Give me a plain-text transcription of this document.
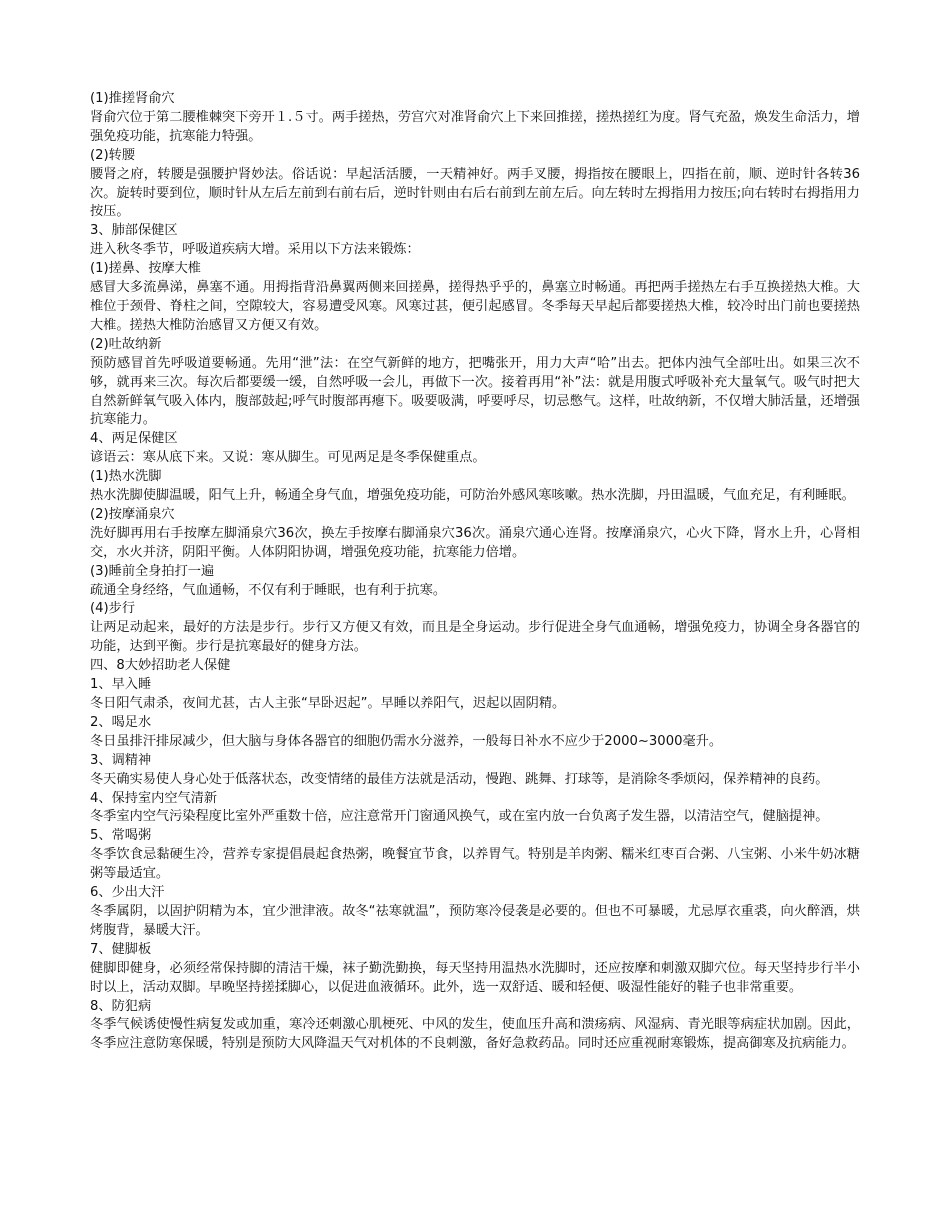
(1)推搓肾俞穴

肾俞穴位于第二腰椎棘突下旁开１.５寸。两手搓热，劳宫穴对准肾俞穴上下来回推搓，搓热搓红为度。肾气充盈，焕发生命活力，增强免疫功能，抗寒能力特强。

(2)转腰

腰肾之府，转腰是强腰护肾妙法。俗话说：早起活活腰，一天精神好。两手叉腰，拇指按在腰眼上，四指在前，顺、逆时针各转36次。旋转时要到位，顺时针从左后左前到右前右后，逆时针则由右后右前到左前左后。向左转时左拇指用力按压;向右转时右拇指用力按压。

3、肺部保健区

进入秋冬季节，呼吸道疾病大增。采用以下方法来锻炼：

(1)搓鼻、按摩大椎

感冒大多流鼻涕，鼻塞不通。用拇指背沿鼻翼两侧来回搓鼻，搓得热乎乎的，鼻塞立时畅通。再把两手搓热左右手互换搓热大椎。大椎位于颈骨、脊柱之间，空隙较大，容易遭受风寒。风寒过甚，便引起感冒。冬季每天早起后都要搓热大椎，较冷时出门前也要搓热大椎。搓热大椎防治感冒又方便又有效。

(2)吐故纳新

预防感冒首先呼吸道要畅通。先用“泄”法：在空气新鲜的地方，把嘴张开，用力大声“哈”出去。把体内浊气全部吐出。如果三次不够，就再来三次。每次后都要缓一缓，自然呼吸一会儿，再做下一次。接着再用“补”法：就是用腹式呼吸补充大量氧气。吸气时把大自然新鲜氧气吸入体内，腹部鼓起;呼气时腹部再瘪下。吸要吸满，呼要呼尽，切忌憋气。这样，吐故纳新，不仅增大肺活量，还增强抗寒能力。

4、两足保健区

谚语云：寒从底下来。又说：寒从脚生。可见两足是冬季保健重点。

(1)热水洗脚

热水洗脚使脚温暖，阳气上升，畅通全身气血，增强免疫功能，可防治外感风寒咳嗽。热水洗脚，丹田温暖，气血充足，有利睡眠。

(2)按摩涌泉穴

洗好脚再用右手按摩左脚涌泉穴36次，换左手按摩右脚涌泉穴36次。涌泉穴通心连肾。按摩涌泉穴，心火下降，肾水上升，心肾相交，水火并济，阴阳平衡。人体阴阳协调，增强免疫功能，抗寒能力倍增。

(3)睡前全身拍打一遍

疏通全身经络，气血通畅，不仅有利于睡眠，也有利于抗寒。

(4)步行

让两足动起来，最好的方法是步行。步行又方便又有效，而且是全身运动。步行促进全身气血通畅，增强免疫力，协调全身各器官的功能，达到平衡。步行是抗寒最好的健身方法。

四、8大妙招助老人保健

1、早入睡

冬日阳气肃杀，夜间尤甚，古人主张“早卧迟起”。早睡以养阳气，迟起以固阴精。

2、喝足水

冬日虽排汗排尿减少，但大脑与身体各器官的细胞仍需水分滋养，一般每日补水不应少于2000~3000毫升。

3、调精神

冬天确实易使人身心处于低落状态，改变情绪的最佳方法就是活动，慢跑、跳舞、打球等，是消除冬季烦闷，保养精神的良药。

4、保持室内空气清新

冬季室内空气污染程度比室外严重数十倍，应注意常开门窗通风换气，或在室内放一台负离子发生器，以清洁空气，健脑提神。

5、常喝粥

冬季饮食忌黏硬生冷，营养专家提倡晨起食热粥，晚餐宜节食，以养胃气。特别是羊肉粥、糯米红枣百合粥、八宝粥、小米牛奶冰糖粥等最适宜。

6、少出大汗

冬季属阴，以固护阴精为本，宜少泄津液。故冬“祛寒就温”，预防寒冷侵袭是必要的。但也不可暴暖，尤忌厚衣重裘，向火醉酒，烘烤腹背，暴暖大汗。

7、健脚板

健脚即健身，必须经常保持脚的清洁干燥，袜子勤洗勤换，每天坚持用温热水洗脚时，还应按摩和刺激双脚穴位。每天坚持步行半小时以上，活动双脚。早晚坚持搓揉脚心，以促进血液循环。此外，选一双舒适、暖和轻便、吸湿性能好的鞋子也非常重要。

8、防犯病

冬季气候诱使慢性病复发或加重，寒冷还刺激心肌梗死、中风的发生，使血压升高和溃疡病、风湿病、青光眼等病症状加剧。因此，冬季应注意防寒保暖，特别是预防大风降温天气对机体的不良刺激，备好急救药品。同时还应重视耐寒锻炼，提高御寒及抗病能力。
